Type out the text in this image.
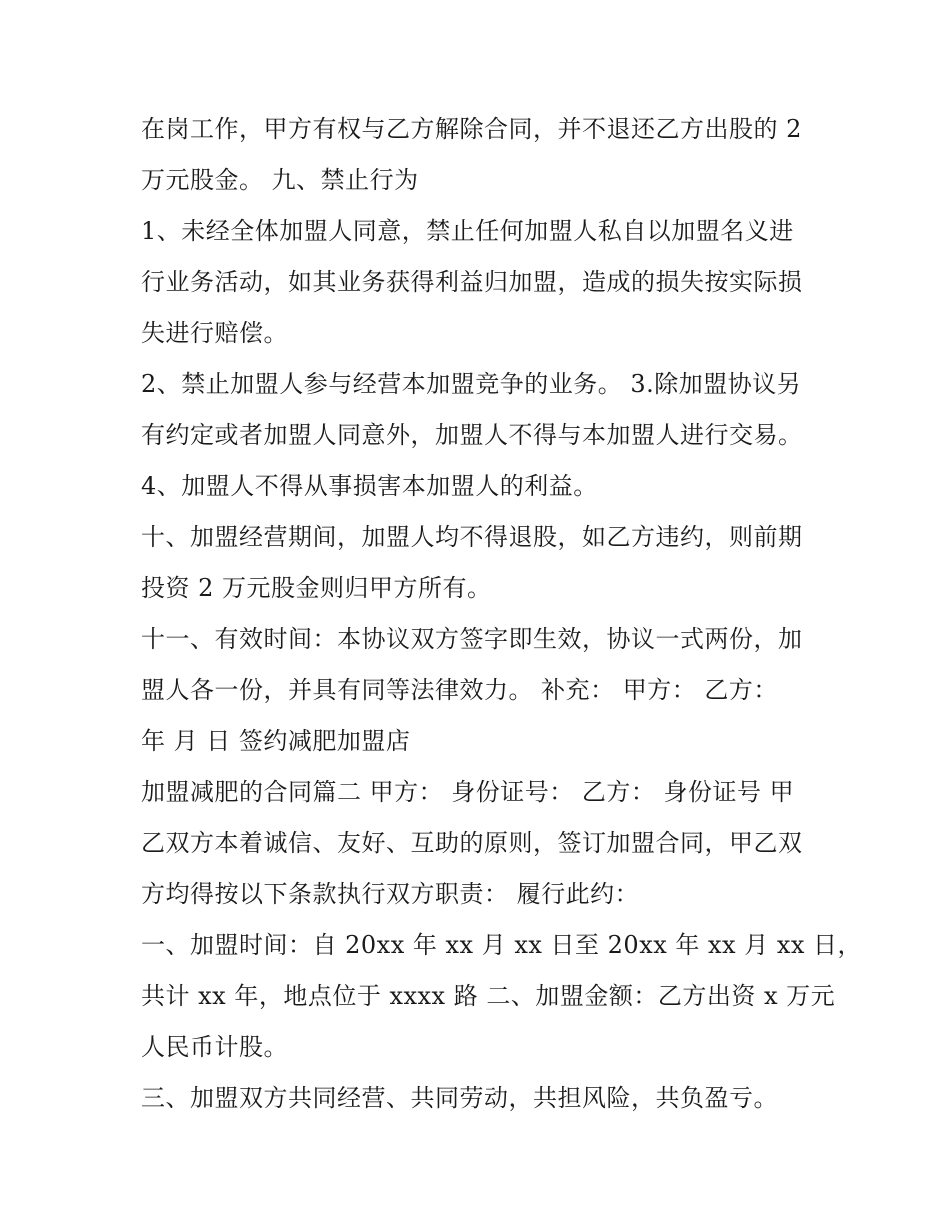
在岗工作，甲方有权与乙方解除合同，并不退还乙方出股的 2
万元股金。 九、禁止行为
1、未经全体加盟人同意，禁止任何加盟人私自以加盟名义进
行业务活动，如其业务获得利益归加盟，造成的损失按实际损
失进行赔偿。
2、禁止加盟人参与经营本加盟竞争的业务。 3.除加盟协议另
有约定或者加盟人同意外，加盟人不得与本加盟人进行交易。
4、加盟人不得从事损害本加盟人的利益。
十、加盟经营期间，加盟人均不得退股，如乙方违约，则前期
投资 2 万元股金则归甲方所有。
十一、有效时间：本协议双方签字即生效，协议一式两份，加
盟人各一份，并具有同等法律效力。 补充： 甲方： 乙方：
年 月 日 签约减肥加盟店
加盟减肥的合同篇二 甲方： 身份证号： 乙方： 身份证号 甲
乙双方本着诚信、友好、互助的原则，签订加盟合同，甲乙双
方均得按以下条款执行双方职责： 履行此约：
一、加盟时间：自 20xx 年 xx 月 xx 日至 20xx 年 xx 月 xx 日，
共计 xx 年，地点位于 xxxx 路 二、加盟金额：乙方出资 x 万元
人民币计股。
三、加盟双方共同经营、共同劳动，共担风险，共负盈亏。
